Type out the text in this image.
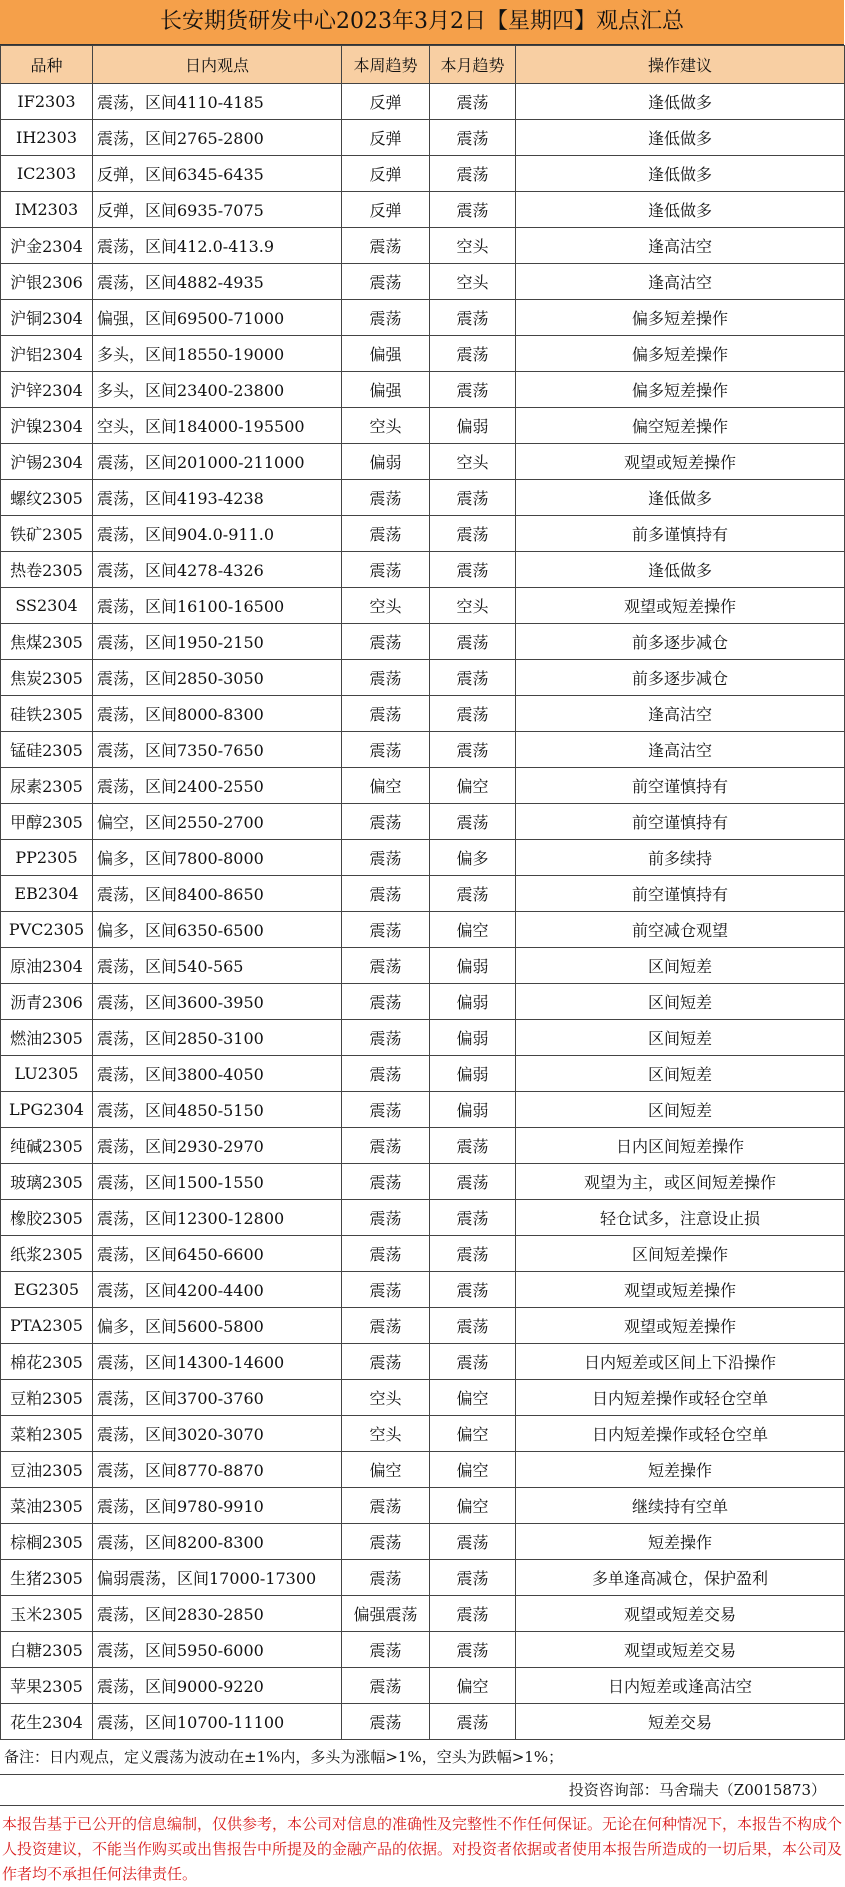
长安期货研发中心2023年3月2日【星期四】观点汇总
品种	日内观点	本周趋势	本月趋势	操作建议
IF2303	震荡，区间4110-4185	反弹	震荡	逢低做多
IH2303	震荡，区间2765-2800	反弹	震荡	逢低做多
IC2303	反弹，区间6345-6435	反弹	震荡	逢低做多
IM2303	反弹，区间6935-7075	反弹	震荡	逢低做多
沪金2304	震荡，区间412.0-413.9	震荡	空头	逢高沽空
沪银2306	震荡，区间4882-4935	震荡	空头	逢高沽空
沪铜2304	偏强，区间69500-71000	震荡	震荡	偏多短差操作
沪铝2304	多头，区间18550-19000	偏强	震荡	偏多短差操作
沪锌2304	多头，区间23400-23800	偏强	震荡	偏多短差操作
沪镍2304	空头，区间184000-195500	空头	偏弱	偏空短差操作
沪锡2304	震荡，区间201000-211000	偏弱	空头	观望或短差操作
螺纹2305	震荡，区间4193-4238	震荡	震荡	逢低做多
铁矿2305	震荡，区间904.0-911.0	震荡	震荡	前多谨慎持有
热卷2305	震荡，区间4278-4326	震荡	震荡	逢低做多
SS2304	震荡，区间16100-16500	空头	空头	观望或短差操作
焦煤2305	震荡，区间1950-2150	震荡	震荡	前多逐步减仓
焦炭2305	震荡，区间2850-3050	震荡	震荡	前多逐步减仓
硅铁2305	震荡，区间8000-8300	震荡	震荡	逢高沽空
锰硅2305	震荡，区间7350-7650	震荡	震荡	逢高沽空
尿素2305	震荡，区间2400-2550	偏空	偏空	前空谨慎持有
甲醇2305	偏空，区间2550-2700	震荡	震荡	前空谨慎持有
PP2305	偏多，区间7800-8000	震荡	偏多	前多续持
EB2304	震荡，区间8400-8650	震荡	震荡	前空谨慎持有
PVC2305	偏多，区间6350-6500	震荡	偏空	前空减仓观望
原油2304	震荡，区间540-565	震荡	偏弱	区间短差
沥青2306	震荡，区间3600-3950	震荡	偏弱	区间短差
燃油2305	震荡，区间2850-3100	震荡	偏弱	区间短差
LU2305	震荡，区间3800-4050	震荡	偏弱	区间短差
LPG2304	震荡，区间4850-5150	震荡	偏弱	区间短差
纯碱2305	震荡，区间2930-2970	震荡	震荡	日内区间短差操作
玻璃2305	震荡，区间1500-1550	震荡	震荡	观望为主，或区间短差操作
橡胶2305	震荡，区间12300-12800	震荡	震荡	轻仓试多，注意设止损
纸浆2305	震荡，区间6450-6600	震荡	震荡	区间短差操作
EG2305	震荡，区间4200-4400	震荡	震荡	观望或短差操作
PTA2305	偏多，区间5600-5800	震荡	震荡	观望或短差操作
棉花2305	震荡，区间14300-14600	震荡	震荡	日内短差或区间上下沿操作
豆粕2305	震荡，区间3700-3760	空头	偏空	日内短差操作或轻仓空单
菜粕2305	震荡，区间3020-3070	空头	偏空	日内短差操作或轻仓空单
豆油2305	震荡，区间8770-8870	偏空	偏空	短差操作
菜油2305	震荡，区间9780-9910	震荡	偏空	继续持有空单
棕榈2305	震荡，区间8200-8300	震荡	震荡	短差操作
生猪2305	偏弱震荡，区间17000-17300	震荡	震荡	多单逢高减仓，保护盈利
玉米2305	震荡，区间2830-2850	偏强震荡	震荡	观望或短差交易
白糖2305	震荡，区间5950-6000	震荡	震荡	观望或短差交易
苹果2305	震荡，区间9000-9220	震荡	偏空	日内短差或逢高沽空
花生2304	震荡，区间10700-11100	震荡	震荡	短差交易
备注：日内观点，定义震荡为波动在±1%内，多头为涨幅>1%，空头为跌幅>1%；
投资咨询部：马舍瑞夫（Z0015873）
本报告基于已公开的信息编制，仅供参考，本公司对信息的准确性及完整性不作任何保证。无论在何种情况下，本报告不构成个人投资建议，不能当作购买或出售报告中所提及的金融产品的依据。对投资者依据或者使用本报告所造成的一切后果，本公司及作者均不承担任何法律责任。
